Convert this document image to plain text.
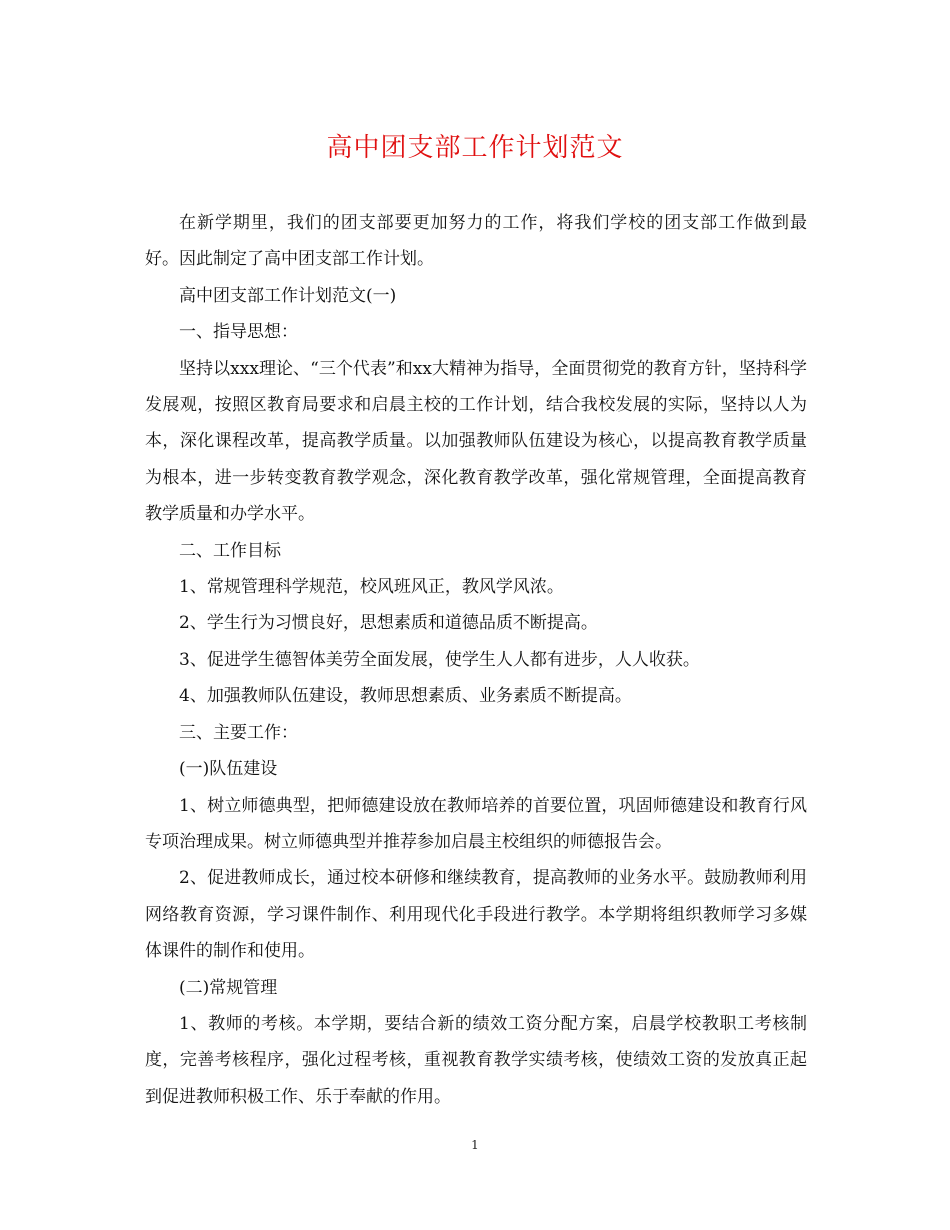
高中团支部工作计划范文

在新学期里，我们的团支部要更加努力的工作，将我们学校的团支部工作做到最好。因此制定了高中团支部工作计划。

高中团支部工作计划范文(一)

一、指导思想：

坚持以xxx理论、“三个代表”和xx大精神为指导，全面贯彻党的教育方针，坚持科学发展观，按照区教育局要求和启晨主校的工作计划，结合我校发展的实际，坚持以人为本，深化课程改革，提高教学质量。以加强教师队伍建设为核心，以提高教育教学质量为根本，进一步转变教育教学观念，深化教育教学改革，强化常规管理，全面提高教育教学质量和办学水平。

二、工作目标

1、常规管理科学规范，校风班风正，教风学风浓。

2、学生行为习惯良好，思想素质和道德品质不断提高。

3、促进学生德智体美劳全面发展，使学生人人都有进步，人人收获。

4、加强教师队伍建设，教师思想素质、业务素质不断提高。

三、主要工作：

(一)队伍建设

1、树立师德典型，把师德建设放在教师培养的首要位置，巩固师德建设和教育行风专项治理成果。树立师德典型并推荐参加启晨主校组织的师德报告会。

2、促进教师成长，通过校本研修和继续教育，提高教师的业务水平。鼓励教师利用网络教育资源，学习课件制作、利用现代化手段进行教学。本学期将组织教师学习多媒体课件的制作和使用。

(二)常规管理

1、教师的考核。本学期，要结合新的绩效工资分配方案，启晨学校教职工考核制度，完善考核程序，强化过程考核，重视教育教学实绩考核，使绩效工资的发放真正起到促进教师积极工作、乐于奉献的作用。

1
